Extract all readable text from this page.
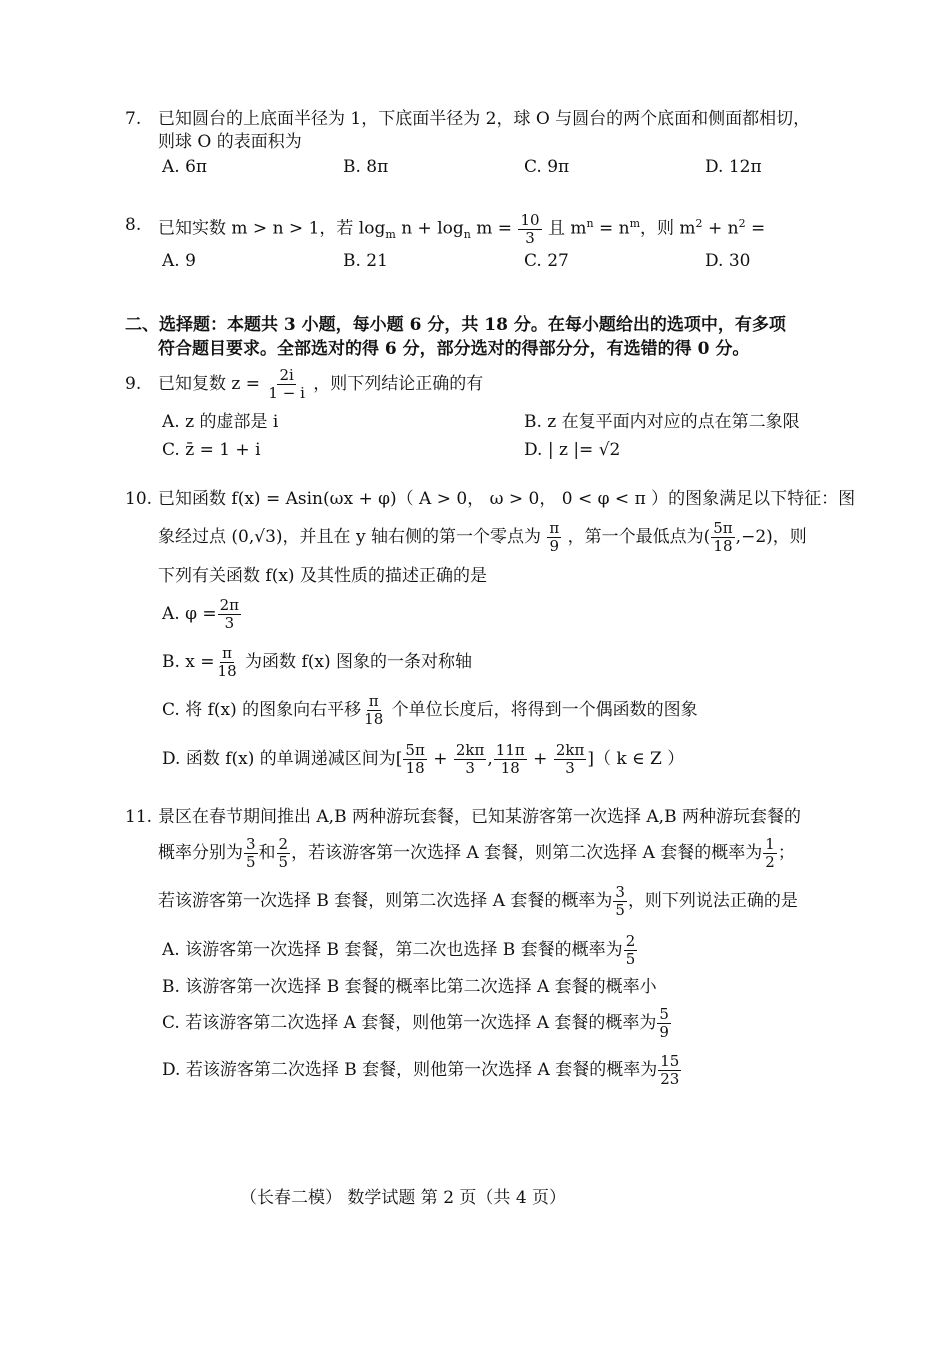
7. 已知圆台的上底面半径为 1，下底面半径为 2，球 O 与圆台的两个底面和侧面都相切，
则球 O 的表面积为
A. 6π	B. 8π	C. 9π	D. 12π
8. 已知实数 m > n > 1，若 $\log_m n + \log_n m = \frac{10}{3}$ 且 $m^n = n^m$，则 $m^2 + n^2$ =
A. 9	B. 21	C. 27	D. 30
二、选择题：本题共 3 小题，每小题 6 分，共 18 分。在每小题给出的选项中，有多项
符合题目要求。全部选对的得 6 分，部分选对的得部分分，有选错的得 0 分。
9. 已知复数 $z = \frac{2i}{1 - i}$ ，则下列结论正确的有
A. z 的虚部是 i	B. z 在复平面内对应的点在第二象限
C. z̄ = 1 + i	D. | z |= √2
10. 已知函数 f(x) = Asin(ωx + φ)（ A > 0， ω > 0， 0 < φ < π ）的图象满足以下特征：图
象经过点 (0,√3)，并且在 y 轴右侧的第一个零点为 $\frac{\pi}{9}$ ，第一个最低点为( $\frac{5\pi}{18} ,-2$)，则
下列有关函数 f(x) 及其性质的描述正确的是
A. $\varphi = \frac{2\pi}{3}$
B. $x = \frac{\pi}{18}$ 为函数 f(x) 图象的一条对称轴
C. 将 f(x) 的图象向右平移 $\frac{\pi}{18}$ 个单位长度后，将得到一个偶函数的图象
D. 函数 f(x) 的单调递减区间为[ $\frac{5\pi}{18} + \frac{2k\pi}{3}$ , $\frac{11\pi}{18} + \frac{2k\pi}{3}$ ]（ k ∈ Z ）
11. 景区在春节期间推出 A,B 两种游玩套餐，已知某游客第一次选择 A,B 两种游玩套餐的
概率分别为 $\frac{3}{5}$ 和 $\frac{2}{5}$ ，若该游客第一次选择 A 套餐，则第二次选择 A 套餐的概率为 $\frac{1}{2}$ ；
若该游客第一次选择 B 套餐，则第二次选择 A 套餐的概率为 $\frac{3}{5}$ ，则下列说法正确的是
A. 该游客第一次选择 B 套餐，第二次也选择 B 套餐的概率为 $\frac{2}{5}$
B. 该游客第一次选择 B 套餐的概率比第二次选择 A 套餐的概率小
C. 若该游客第二次选择 A 套餐，则他第一次选择 A 套餐的概率为 $\frac{5}{9}$
D. 若该游客第二次选择 B 套餐，则他第一次选择 A 套餐的概率为 $\frac{15}{23}$
（长春二模） 数学试题 第 2 页（共 4 页）
